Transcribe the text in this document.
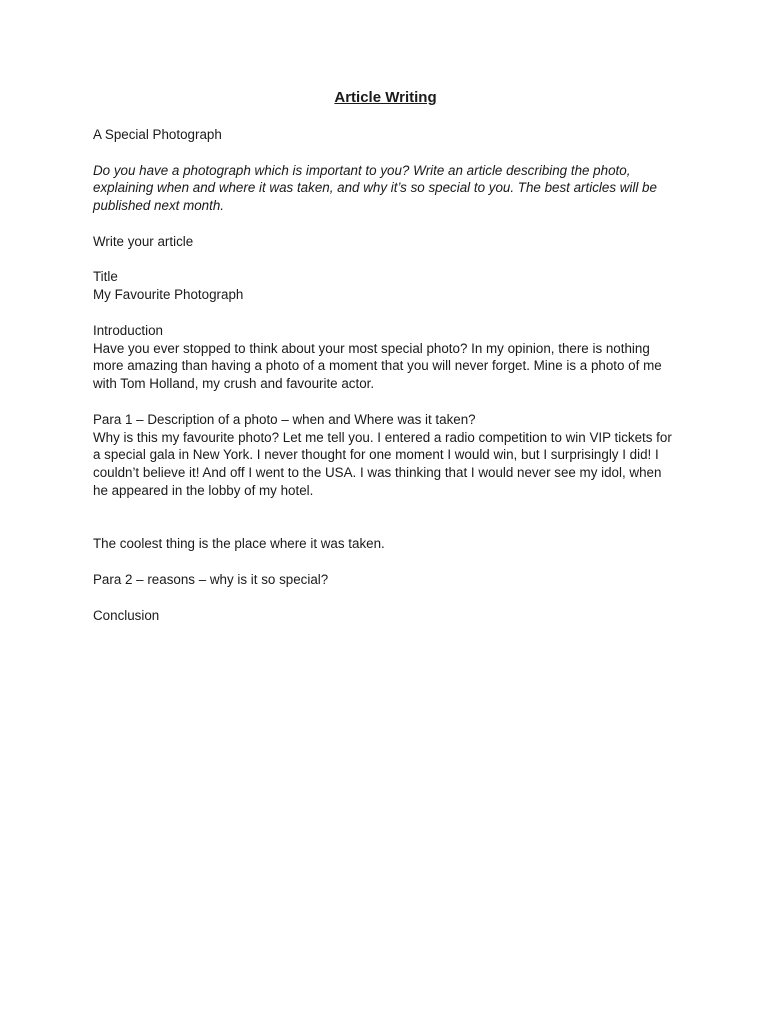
Article Writing

A Special Photograph

Do you have a photograph which is important to you? Write an article describing the photo, explaining when and where it was taken, and why it’s so special to you. The best articles will be published next month.

Write your article

Title
My Favourite Photograph

Introduction
Have you ever stopped to think about your most special photo? In my opinion, there is nothing more amazing than having a photo of a moment that you will never forget. Mine is a photo of me with Tom Holland, my crush and favourite actor.

Para 1 – Description of a photo – when and Where was it taken?
Why is this my favourite photo? Let me tell you. I entered a radio competition to win VIP tickets for a special gala in New York. I never thought for one moment I would win, but I surprisingly I did! I couldn’t believe it! And off I went to the USA. I was thinking that I would never see my idol, when he appeared in the lobby of my hotel.

The coolest thing is the place where it was taken.

Para 2 – reasons – why is it so special?

Conclusion
